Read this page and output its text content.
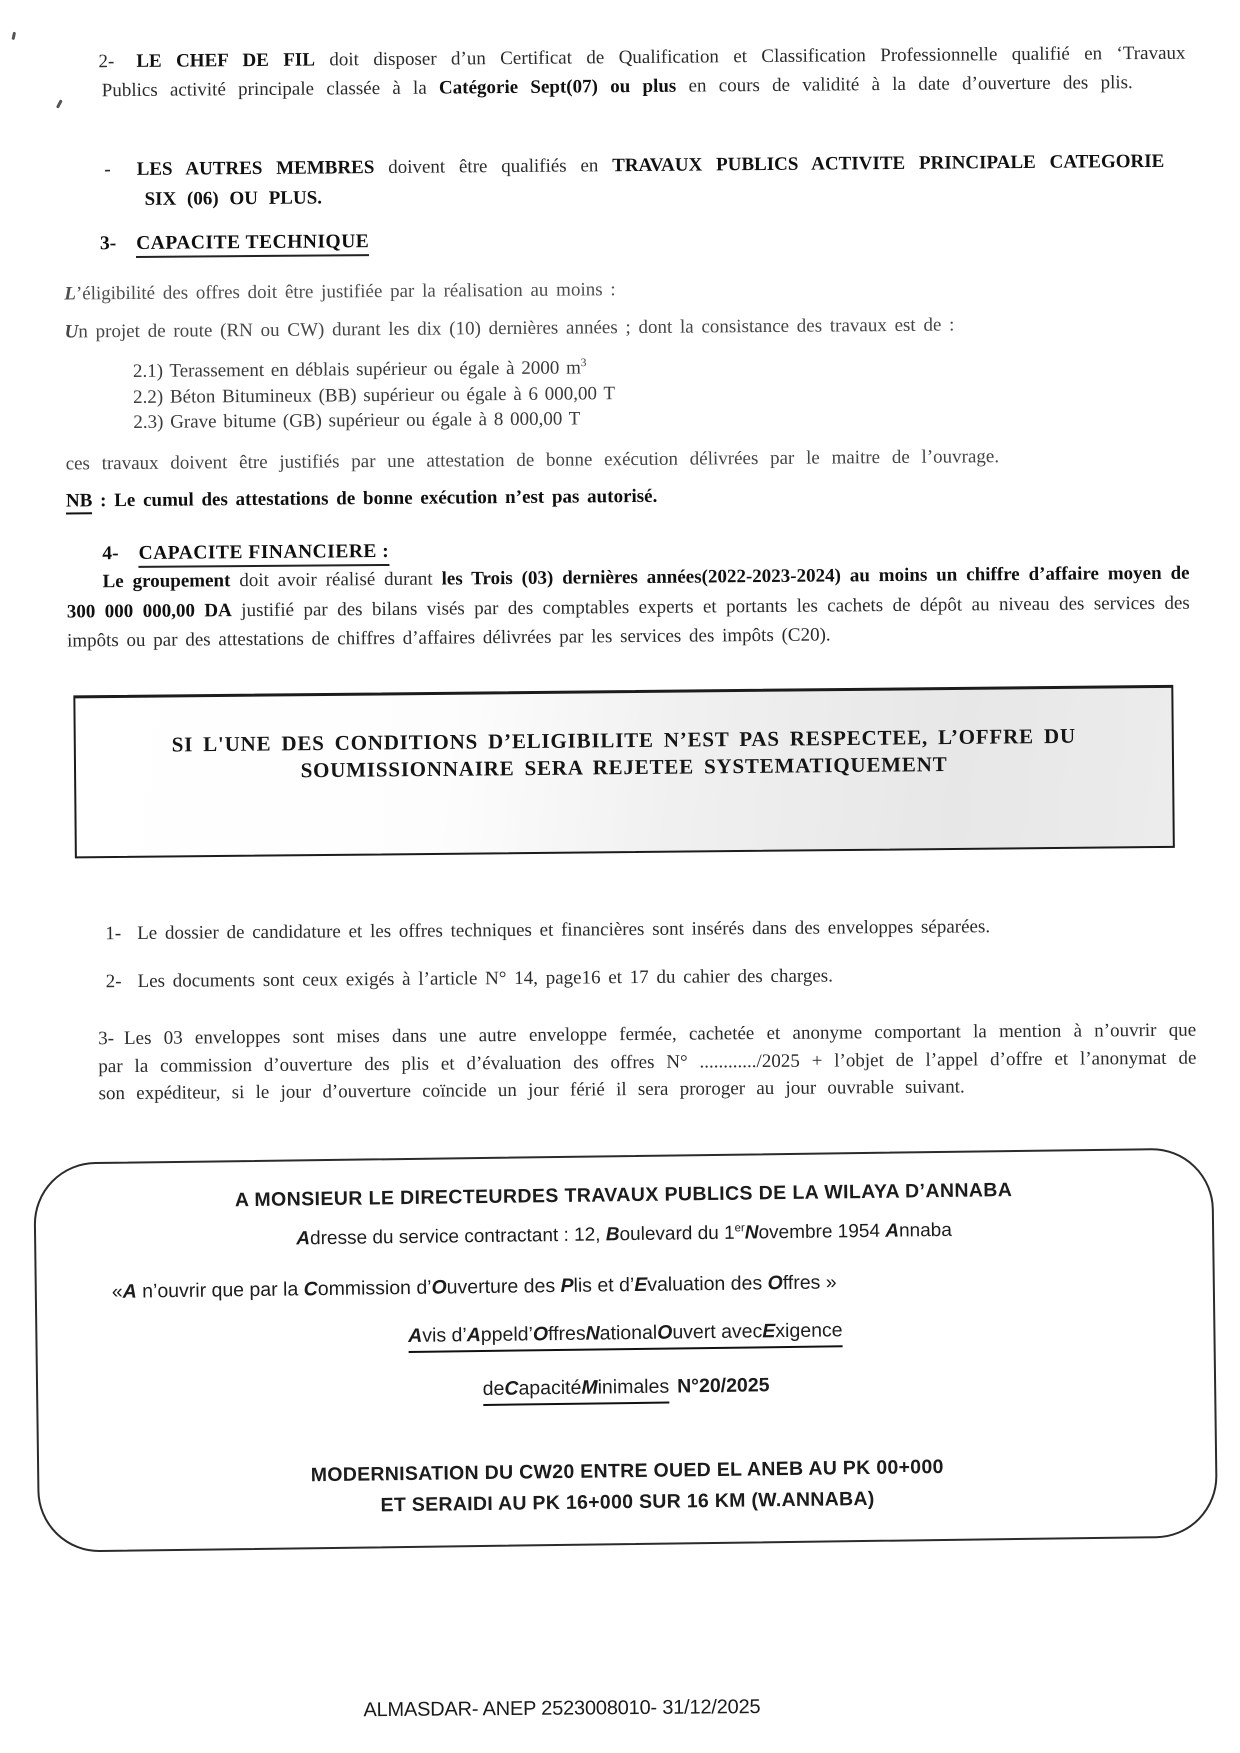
2- LE CHEF DE FIL doit disposer d’un Certificat de Qualification et Classification Professionnelle qualifié en ‘Travaux Publics activité principale classée à la Catégorie Sept(07) ou plus en cours de validité à la date d’ouverture des plis.

- LES AUTRES MEMBRES doivent être qualifiés en TRAVAUX PUBLICS ACTIVITE PRINCIPALE CATEGORIE SIX (06) OU PLUS.

3- CAPACITE TECHNIQUE

L’éligibilité des offres doit être justifiée par la réalisation au moins :

Un projet de route (RN ou CW) durant les dix (10) dernières années ; dont la consistance des travaux est de :

2.1) Terassement en déblais supérieur ou égale à 2000 $m^3$
2.2) Béton Bitumineux (BB) supérieur ou égale à 6 000,00 T
2.3) Grave bitume (GB) supérieur ou égale à 8 000,00 T

ces travaux doivent être justifiés par une attestation de bonne exécution délivrées par le maitre de l’ouvrage.

NB : Le cumul des attestations de bonne exécution n’est pas autorisé.

4- CAPACITE FINANCIERE :

Le groupement doit avoir réalisé durant les Trois (03) dernières années(2022-2023-2024) au moins un chiffre d’affaire moyen de 300 000 000,00 DA justifié par des bilans visés par des comptables experts et portants les cachets de dépôt au niveau des services des impôts ou par des attestations de chiffres d’affaires délivrées par les services des impôts (C20).

SI L'UNE DES CONDITIONS D’ELIGIBILITE N’EST PAS RESPECTEE, L’OFFRE DU
SOUMISSIONNAIRE SERA REJETEE SYSTEMATIQUEMENT

1- Le dossier de candidature et les offres techniques et financières sont insérés dans des enveloppes séparées.

2- Les documents sont ceux exigés à l’article N° 14, page16 et 17 du cahier des charges.

3- Les 03 enveloppes sont mises dans une autre enveloppe fermée, cachetée et anonyme comportant la mention à n’ouvrir que par la commission d’ouverture des plis et d’évaluation des offres N° ............/2025 + l’objet de l’appel d’offre et l’anonymat de son expéditeur, si le jour d’ouverture coïncide un jour férié il sera proroger au jour ouvrable suivant.

A MONSIEUR LE DIRECTEURDES TRAVAUX PUBLICS DE LA WILAYA D’ANNABA
Adresse du service contractant : 12, Boulevard du 1erNovembre 1954 Annaba
«A n’ouvrir que par la Commission d’Ouverture des Plis et d’Evaluation des Offres »
Avis d’Appeld’OffresNationalOuvert avecExigence
deCapacitéMinimalesN°20/2025
MODERNISATION DU CW20 ENTRE OUED EL ANEB AU PK 00+000
ET SERAIDI AU PK 16+000 SUR 16 KM (W.ANNABA)
ALMASDAR- ANEP 2523008010- 31/12/2025
